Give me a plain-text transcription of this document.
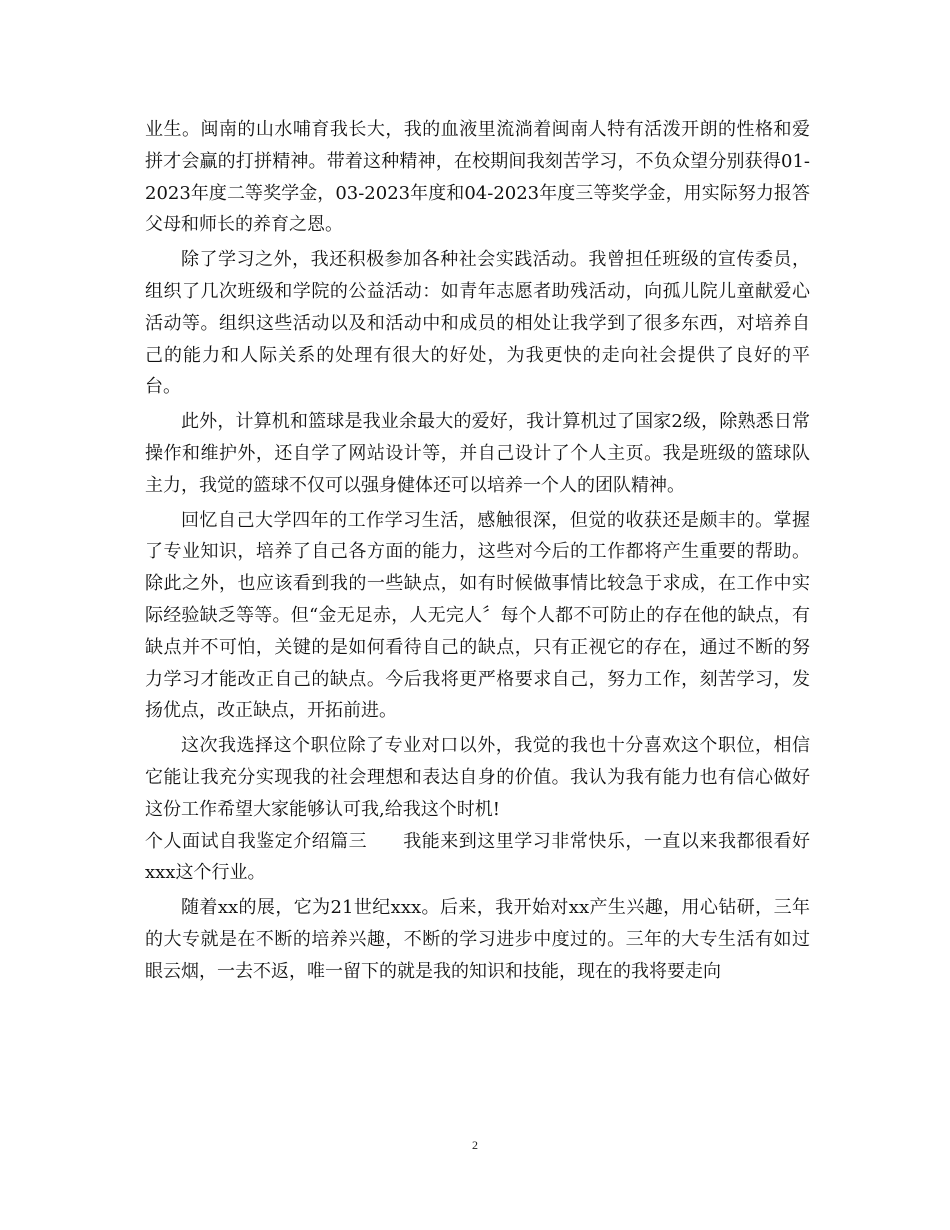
业生。闽南的山水哺育我长大，我的血液里流淌着闽南人特有活泼开朗的性格和爱拼才会赢的打拼精神。带着这种精神，在校期间我刻苦学习，不负众望分别获得01-2023年度二等奖学金，03-2023年度和04-2023年度三等奖学金，用实际努力报答父母和师长的养育之恩。

除了学习之外，我还积极参加各种社会实践活动。我曾担任班级的宣传委员，组织了几次班级和学院的公益活动：如青年志愿者助残活动，向孤儿院儿童献爱心活动等。组织这些活动以及和活动中和成员的相处让我学到了很多东西，对培养自己的能力和人际关系的处理有很大的好处，为我更快的走向社会提供了良好的平台。

此外，计算机和篮球是我业余最大的爱好，我计算机过了国家2级，除熟悉日常操作和维护外，还自学了网站设计等，并自己设计了个人主页。我是班级的篮球队主力，我觉的篮球不仅可以强身健体还可以培养一个人的团队精神。

回忆自己大学四年的工作学习生活，感触很深，但觉的收获还是颇丰的。掌握了专业知识，培养了自己各方面的能力，这些对今后的工作都将产生重要的帮助。除此之外，也应该看到我的一些缺点，如有时候做事情比较急于求成，在工作中实际经验缺乏等等。但“金无足赤，人无完人〞每个人都不可防止的存在他的缺点，有缺点并不可怕，关键的是如何看待自己的缺点，只有正视它的存在，通过不断的努力学习才能改正自己的缺点。今后我将更严格要求自己，努力工作，刻苦学习，发扬优点，改正缺点，开拓前进。

这次我选择这个职位除了专业对口以外，我觉的我也十分喜欢这个职位，相信它能让我充分实现我的社会理想和表达自身的价值。我认为我有能力也有信心做好这份工作希望大家能够认可我,给我这个时机!

个人面试自我鉴定介绍篇三 我能来到这里学习非常快乐，一直以来我都很看好xxx这个行业。

随着xx的展，它为21世纪xxx。后来，我开始对xx产生兴趣，用心钻研，三年的大专就是在不断的培养兴趣，不断的学习进步中度过的。三年的大专生活有如过眼云烟，一去不返，唯一留下的就是我的知识和技能，现在的我将要走向

2
